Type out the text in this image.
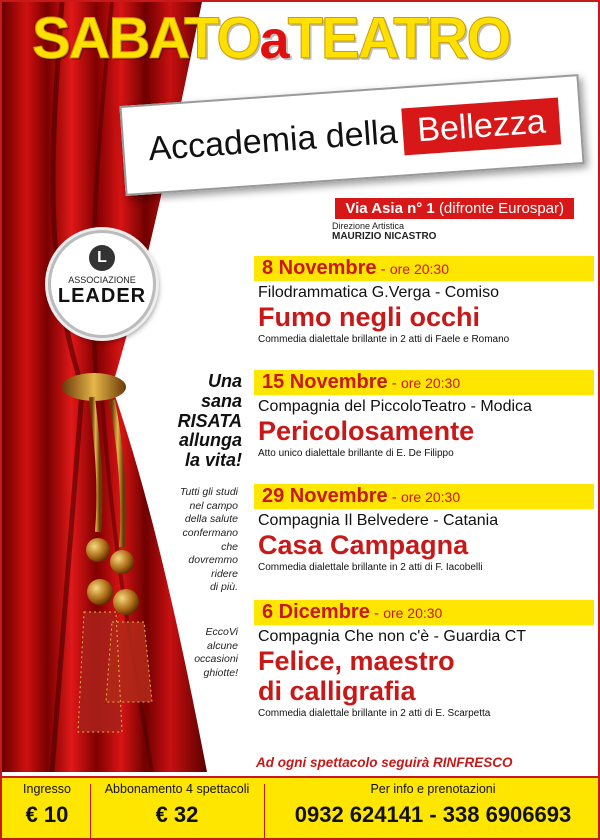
SABATOaTEATRO
Accademia della Bellezza
Via Asia n° 1 (difronte Eurospar)
Direzione Artistica
MAURIZIO NICASTRO
L
ASSOCIAZIONE
LEADER
Una
sana
RISATA
allunga
la vita!
Tutti gli studi
nel campo
della salute
confermano
che
dovremmo
ridere
di più.
EccoVi
alcune
occasioni
ghiotte!
8 Novembre - ore 20:30
Filodrammatica G.Verga - Comiso
Fumo negli occhi
Commedia dialettale brillante in 2 atti di Faele e Romano
15 Novembre - ore 20:30
Compagnia del PiccoloTeatro - Modica
Pericolosamente
Atto unico dialettale brillante di E. De Filippo
29 Novembre - ore 20:30
Compagnia Il Belvedere - Catania
Casa Campagna
Commedia dialettale brillante in 2 atti di F. Iacobelli
6 Dicembre - ore 20:30
Compagnia Che non c'è - Guardia CT
Felice, maestro
di calligrafia
Commedia dialettale brillante in 2 atti di E. Scarpetta
Ad ogni spettacolo seguirà RINFRESCO
Ingresso
€ 10
Abbonamento 4 spettacoli
€ 32
Per info e prenotazioni
0932 624141 - 338 6906693
